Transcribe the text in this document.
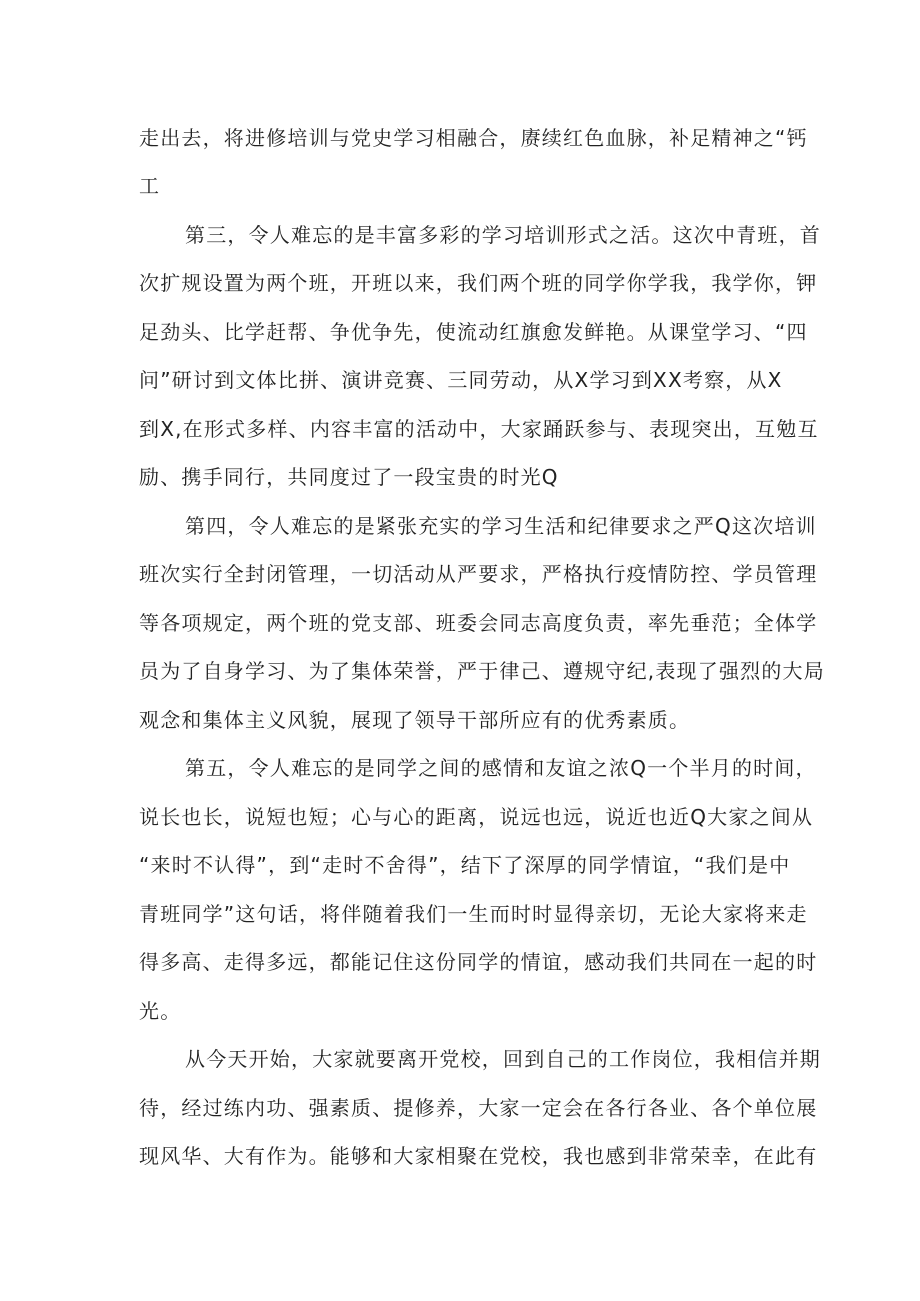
走出去，将进修培训与党史学习相融合，赓续红色血脉，补足精神之“钙
工
第三，令人难忘的是丰富多彩的学习培训形式之活。这次中青班，首
次扩规设置为两个班，开班以来，我们两个班的同学你学我，我学你，钾
足劲头、比学赶帮、争优争先，使流动红旗愈发鲜艳。从课堂学习、“四
问”研讨到文体比拼、演讲竞赛、三同劳动，从X学习到XX考察，从X
到X,在形式多样、内容丰富的活动中，大家踊跃参与、表现突出，互勉互
励、携手同行，共同度过了一段宝贵的时光Q
第四，令人难忘的是紧张充实的学习生活和纪律要求之严Q这次培训
班次实行全封闭管理，一切活动从严要求，严格执行疫情防控、学员管理
等各项规定，两个班的党支部、班委会同志高度负责，率先垂范；全体学
员为了自身学习、为了集体荣誉，严于律己、遵规守纪,表现了强烈的大局
观念和集体主义风貌，展现了领导干部所应有的优秀素质。
第五，令人难忘的是同学之间的感情和友谊之浓Q一个半月的时间，
说长也长，说短也短；心与心的距离，说远也远，说近也近Q大家之间从
“来时不认得”，到“走时不舍得”，结下了深厚的同学情谊，“我们是中
青班同学”这句话，将伴随着我们一生而时时显得亲切，无论大家将来走
得多高、走得多远，都能记住这份同学的情谊，感动我们共同在一起的时
光。
从今天开始，大家就要离开党校，回到自己的工作岗位，我相信并期
待，经过练内功、强素质、提修养，大家一定会在各行各业、各个单位展
现风华、大有作为。能够和大家相聚在党校，我也感到非常荣幸，在此有
